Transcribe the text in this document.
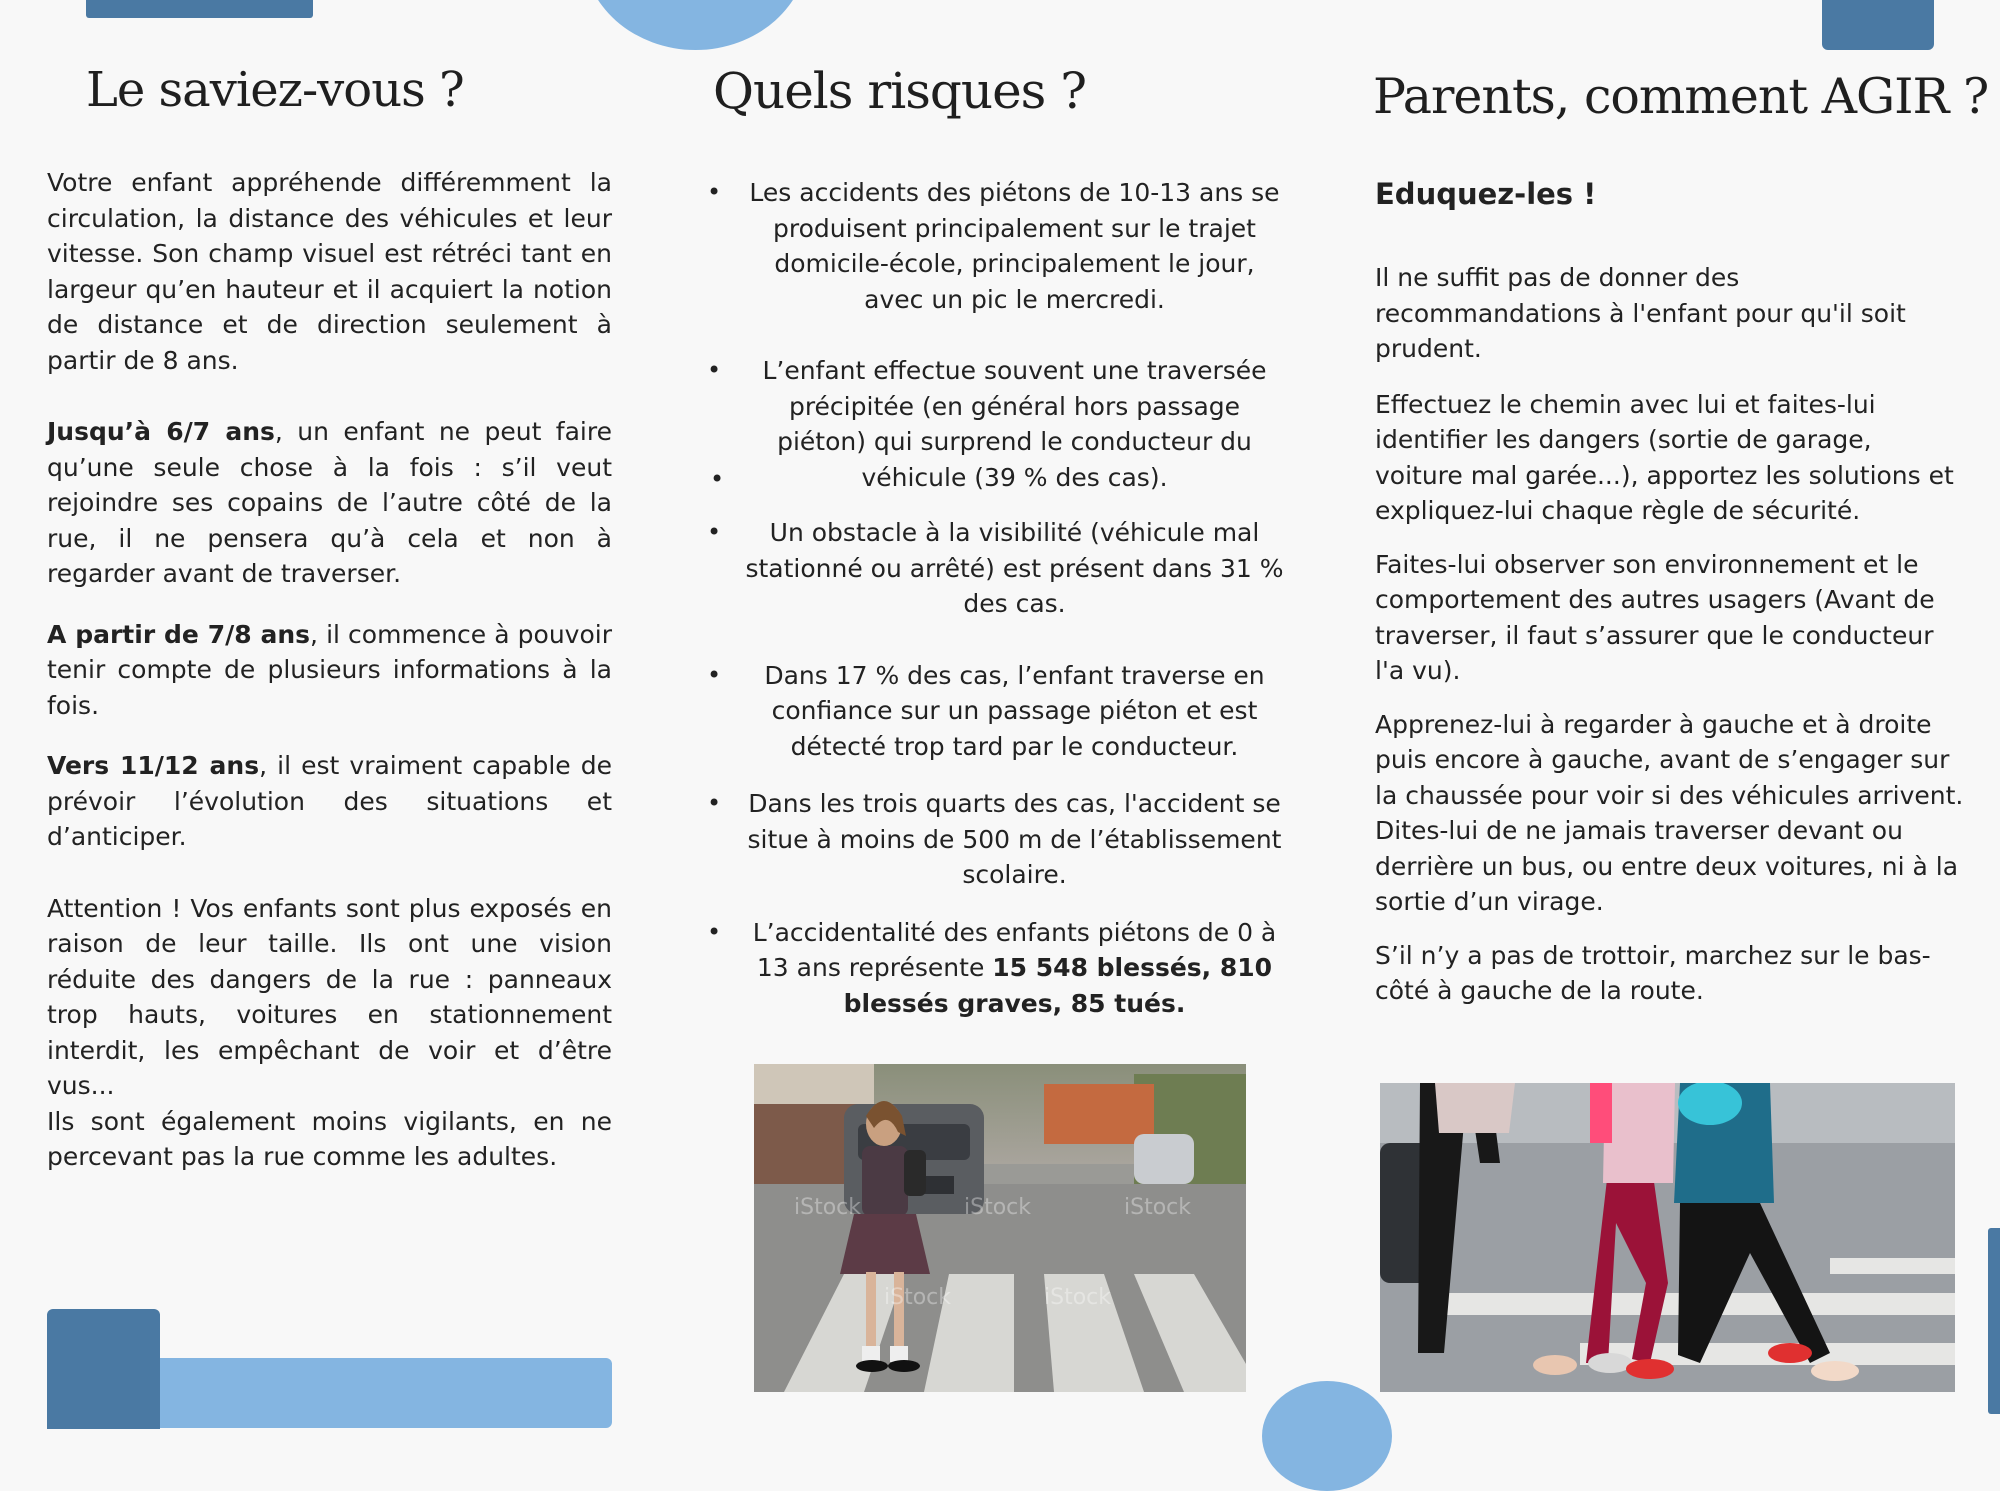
Le saviez-vous ?

Votre enfant appréhende différemment la circulation, la distance des véhicules et leur vitesse. Son champ visuel est rétréci tant en largeur qu’en hauteur et il acquiert la notion de distance et de direction seulement à partir de 8 ans.

Jusqu’à 6/7 ans, un enfant ne peut faire qu’une seule chose à la fois : s’il veut rejoindre ses copains de l’autre côté de la rue, il ne pensera qu’à cela et non à regarder avant de traverser.

A partir de 7/8 ans, il commence à pouvoir tenir compte de plusieurs informations à la fois.

Vers 11/12 ans, il est vraiment capable de prévoir l’évolution des situations et d’anticiper.

Attention ! Vos enfants sont plus exposés en raison de leur taille. Ils ont une vision réduite des dangers de la rue : panneaux trop hauts, voitures en stationnement interdit, les empêchant de voir et d’être vus...

Ils sont également moins vigilants, en ne percevant pas la rue comme les adultes.

Quels risques ?
• Les accidents des piétons de 10-13 ans se produisent principalement sur le trajet domicile-école, principalement le jour, avec un pic le mercredi.
• L’enfant effectue souvent une traversée précipitée (en général hors passage piéton) qui surprend le conducteur du véhicule (39 % des cas).
• Un obstacle à la visibilité (véhicule mal stationné ou arrêté) est présent dans 31 % des cas.
• Dans 17 % des cas, l’enfant traverse en confiance sur un passage piéton et est détecté trop tard par le conducteur.
• Dans les trois quarts des cas, l'accident se situe à moins de 500 m de l’établissement scolaire.
• L’accidentalité des enfants piétons de 0 à 13 ans représente 15 548 blessés, 810 blessés graves, 85 tués.
•
iStock	iStock	iStock
iStock	iStock
Parents, comment AGIR ?
Eduquez-les !

Il ne suffit pas de donner des recommandations à l'enfant pour qu'il soit prudent.

Effectuez le chemin avec lui et faites-lui identifier les dangers (sortie de garage, voiture mal garée...), apportez les solutions et expliquez-lui chaque règle de sécurité.

Faites-lui observer son environnement et le comportement des autres usagers (Avant de traverser, il faut s’assurer que le conducteur l'a vu).

Apprenez-lui à regarder à gauche et à droite puis encore à gauche, avant de s’engager sur la chaussée pour voir si des véhicules arrivent. Dites-lui de ne jamais traverser devant ou derrière un bus, ou entre deux voitures, ni à la sortie d’un virage.

S’il n’y a pas de trottoir, marchez sur le bas-côté à gauche de la route.
